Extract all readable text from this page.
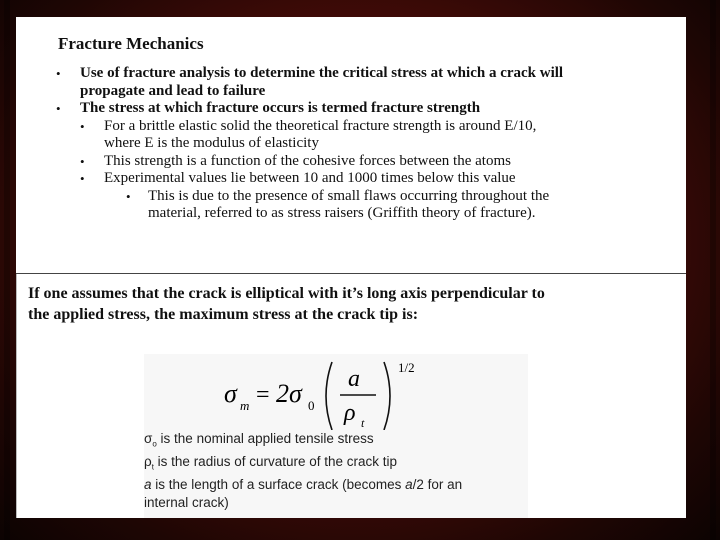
Fracture Mechanics

• Use of fracture analysis to determine the critical stress at which a crack will
propagate and lead to failure

• The stress at which fracture occurs is termed fracture strength

• For a brittle elastic solid the theoretical fracture strength is around E/10,
where E is the modulus of elasticity

• This strength is a function of the cohesive forces between the atoms

• Experimental values lie between 10 and 1000 times below this value

• This is due to the presence of small flaws occurring throughout the
material, referred to as stress raisers (Griffith theory of fracture).

If one assumes that the crack is elliptical with it’s long axis perpendicular to
the applied stress, the maximum stress at the crack tip is:
σ m = 2σ 0
a
ρ t
1/2

$\sigma_o$ is the nominal applied tensile stress

$\rho_t$ is the radius of curvature of the crack tip

a is the length of a surface crack (becomes a/2 for an

internal crack)
